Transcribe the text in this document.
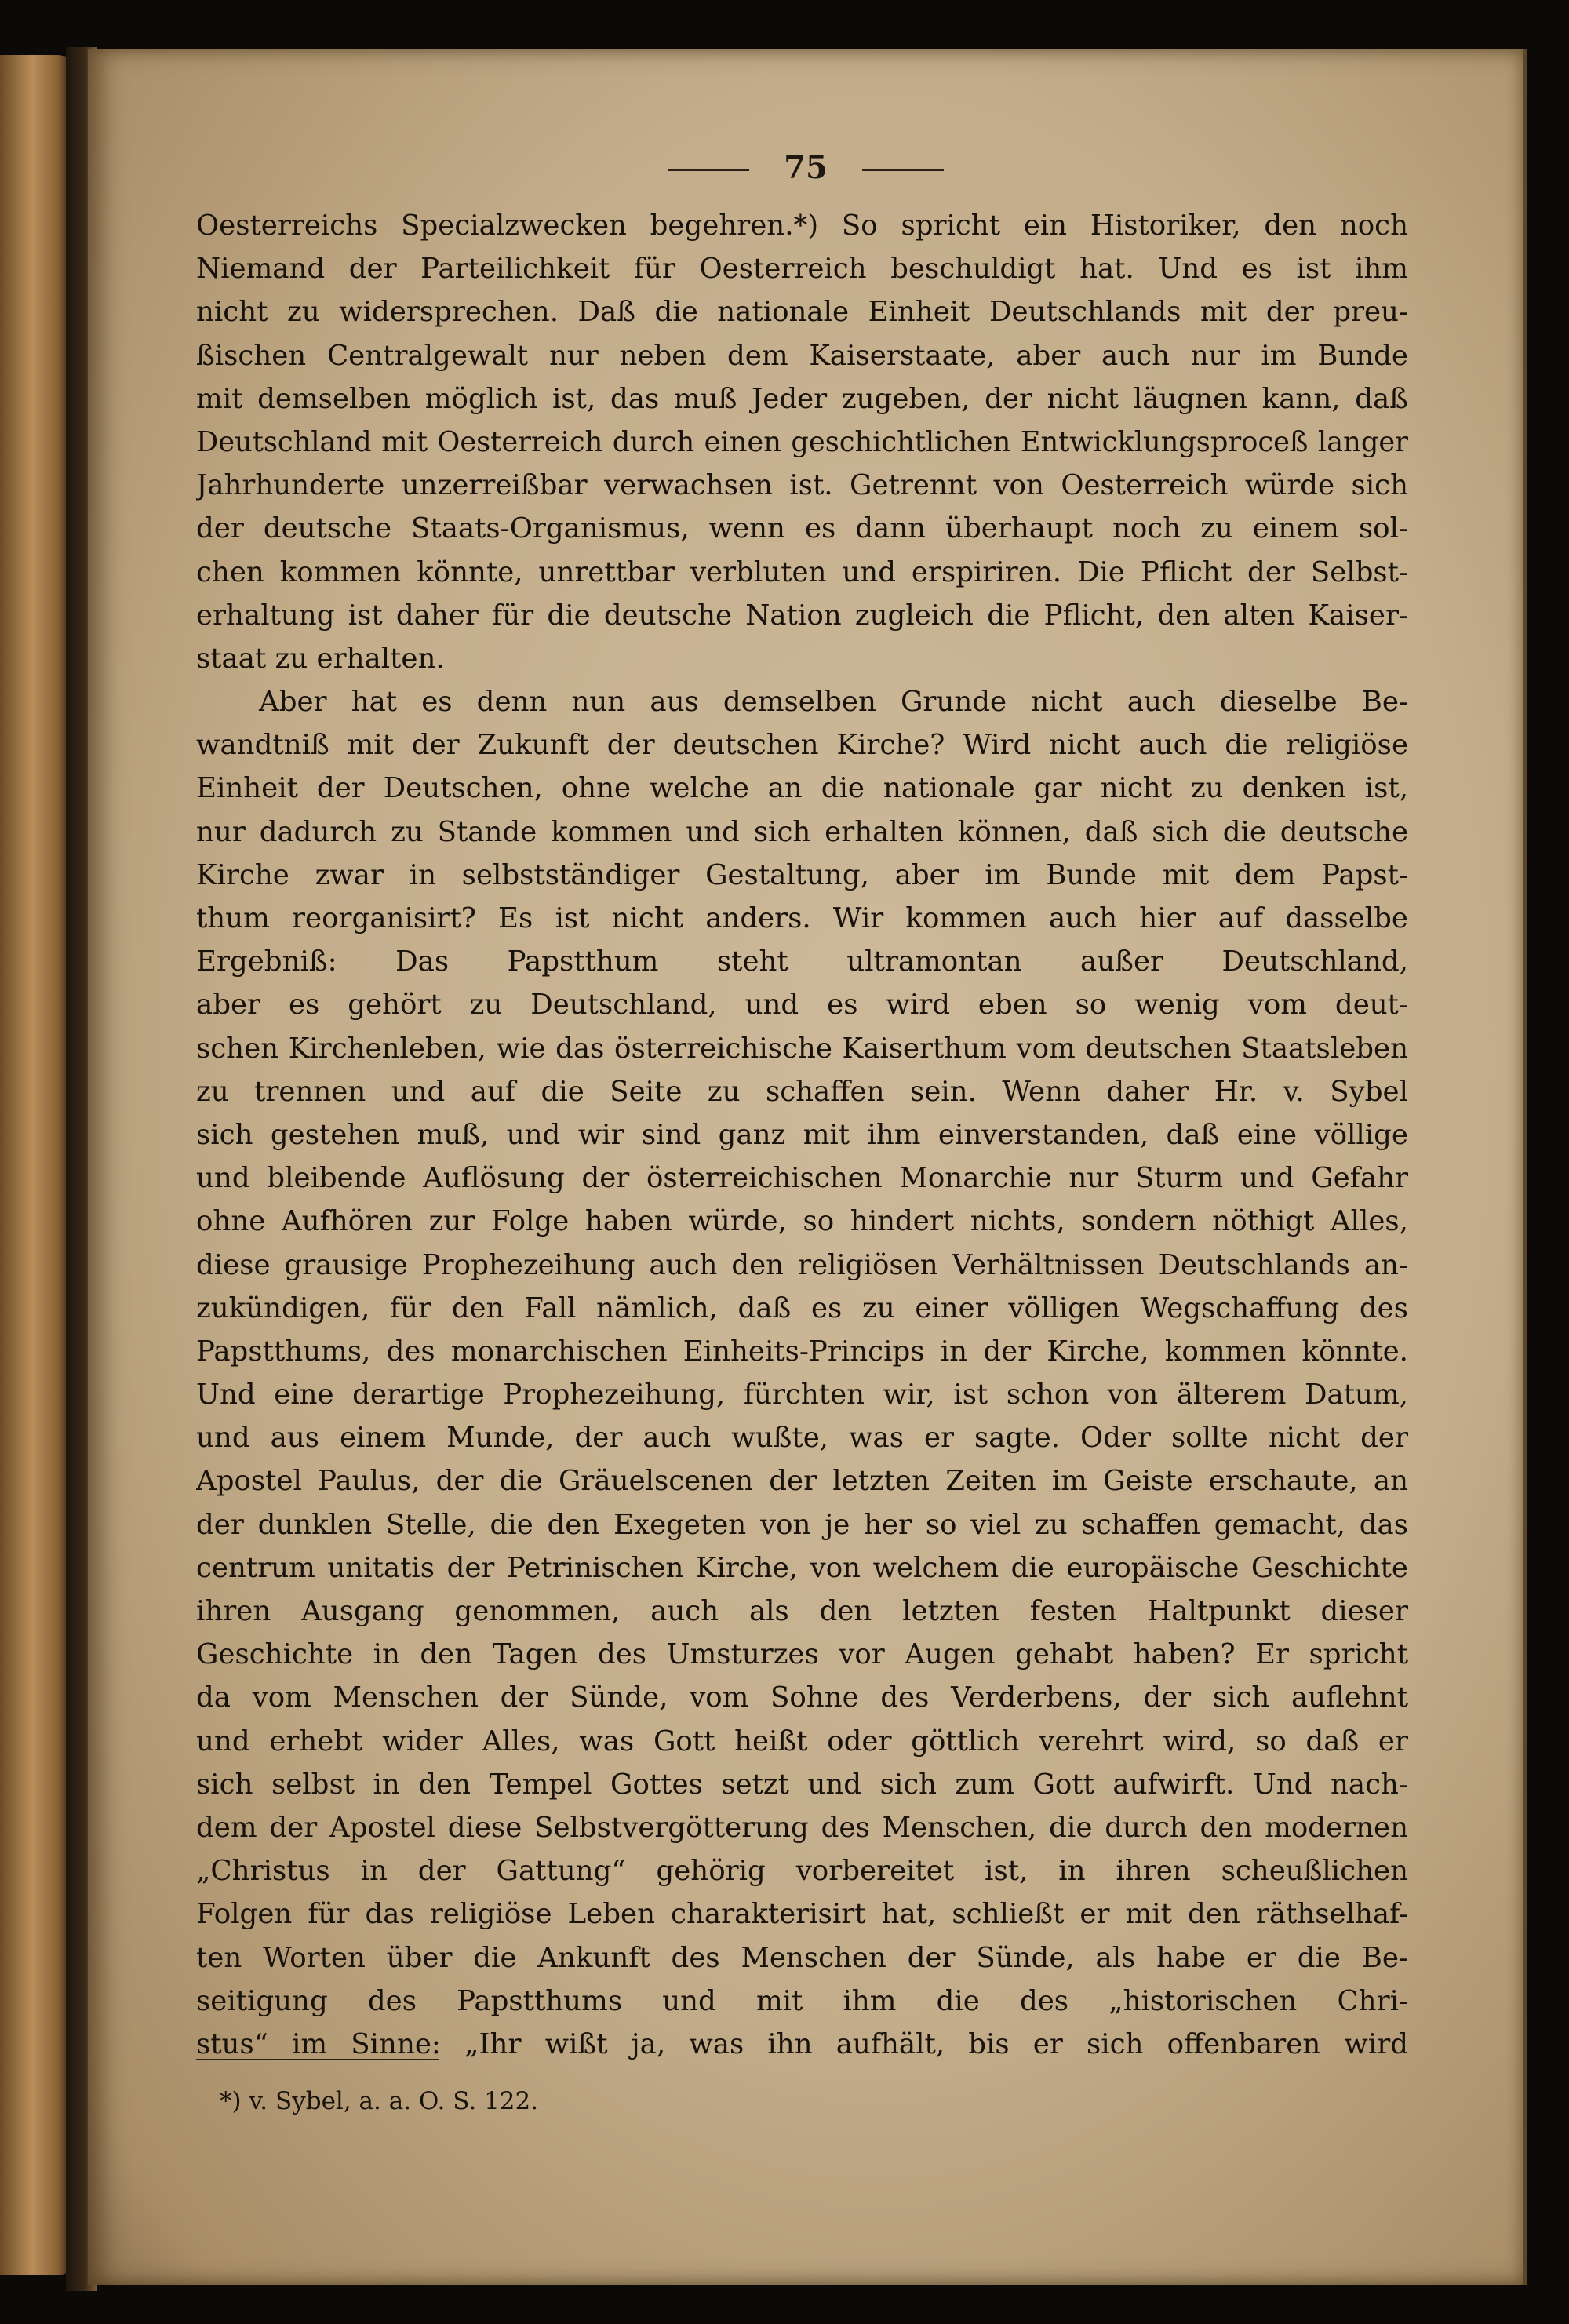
75
Oesterreichs Specialzwecken begehren.*) So spricht ein Historiker, den noch
Niemand der Parteilichkeit für Oesterreich beschuldigt hat. Und es ist ihm
nicht zu widersprechen. Daß die nationale Einheit Deutschlands mit der preu-
ßischen Centralgewalt nur neben dem Kaiserstaate, aber auch nur im Bunde
mit demselben möglich ist, das muß Jeder zugeben, der nicht läugnen kann, daß
Deutschland mit Oesterreich durch einen geschichtlichen Entwicklungsproceß langer
Jahrhunderte unzerreißbar verwachsen ist. Getrennt von Oesterreich würde sich
der deutsche Staats-Organismus, wenn es dann überhaupt noch zu einem sol-
chen kommen könnte, unrettbar verbluten und erspiriren. Die Pflicht der Selbst-
erhaltung ist daher für die deutsche Nation zugleich die Pflicht, den alten Kaiser-
staat zu erhalten.
Aber hat es denn nun aus demselben Grunde nicht auch dieselbe Be-
wandtniß mit der Zukunft der deutschen Kirche? Wird nicht auch die religiöse
Einheit der Deutschen, ohne welche an die nationale gar nicht zu denken ist,
nur dadurch zu Stande kommen und sich erhalten können, daß sich die deutsche
Kirche zwar in selbstständiger Gestaltung, aber im Bunde mit dem Papst-
thum reorganisirt? Es ist nicht anders. Wir kommen auch hier auf dasselbe
Ergebniß: Das Papstthum steht ultramontan außer Deutschland,
aber es gehört zu Deutschland, und es wird eben so wenig vom deut-
schen Kirchenleben, wie das österreichische Kaiserthum vom deutschen Staatsleben
zu trennen und auf die Seite zu schaffen sein. Wenn daher Hr. v. Sybel
sich gestehen muß, und wir sind ganz mit ihm einverstanden, daß eine völlige
und bleibende Auflösung der österreichischen Monarchie nur Sturm und Gefahr
ohne Aufhören zur Folge haben würde, so hindert nichts, sondern nöthigt Alles,
diese grausige Prophezeihung auch den religiösen Verhältnissen Deutschlands an-
zukündigen, für den Fall nämlich, daß es zu einer völligen Wegschaffung des
Papstthums, des monarchischen Einheits-Princips in der Kirche, kommen könnte.
Und eine derartige Prophezeihung, fürchten wir, ist schon von älterem Datum,
und aus einem Munde, der auch wußte, was er sagte. Oder sollte nicht der
Apostel Paulus, der die Gräuelscenen der letzten Zeiten im Geiste erschaute, an
der dunklen Stelle, die den Exegeten von je her so viel zu schaffen gemacht, das
centrum unitatis der Petrinischen Kirche, von welchem die europäische Geschichte
ihren Ausgang genommen, auch als den letzten festen Haltpunkt dieser
Geschichte in den Tagen des Umsturzes vor Augen gehabt haben? Er spricht
da vom Menschen der Sünde, vom Sohne des Verderbens, der sich auflehnt
und erhebt wider Alles, was Gott heißt oder göttlich verehrt wird, so daß er
sich selbst in den Tempel Gottes setzt und sich zum Gott aufwirft. Und nach-
dem der Apostel diese Selbstvergötterung des Menschen, die durch den modernen
„Christus in der Gattung“ gehörig vorbereitet ist, in ihren scheußlichen
Folgen für das religiöse Leben charakterisirt hat, schließt er mit den räthselhaf-
ten Worten über die Ankunft des Menschen der Sünde, als habe er die Be-
seitigung des Papstthums und mit ihm die des „historischen Chri-
stus“ im Sinne: „Ihr wißt ja, was ihn aufhält, bis er sich offenbaren wird
*) v. Sybel, a. a. O. S. 122.
